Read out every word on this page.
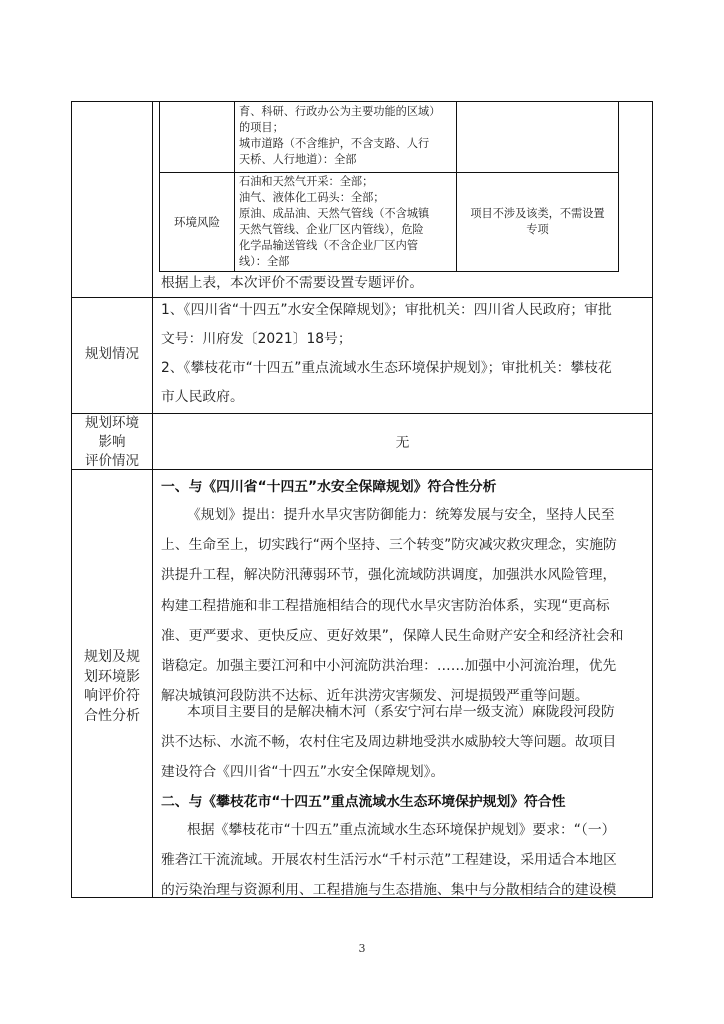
育、科研、行政办公为主要功能的区域）
的项目；
城市道路（不含维护，不含支路、人行
天桥、人行地道）：全部
环境风险
石油和天然气开采：全部；
油气、液体化工码头：全部；
原油、成品油、天然气管线（不含城镇
天然气管线、企业厂区内管线），危险
化学品输送管线（不含企业厂区内管
线）：全部
项目不涉及该类，不需设置
专项
根据上表，本次评价不需要设置专题评价。
规划情况
1、《四川省“十四五”水安全保障规划》；审批机关：四川省人民政府；审批
文号：川府发〔2021〕18号；
2、《攀枝花市“十四五”重点流域水生态环境保护规划》；审批机关：攀枝花
市人民政府。
规划环境
影响
评价情况
无
规划及规
划环境影
响评价符
合性分析
一、与《四川省“十四五”水安全保障规划》符合性分析
《规划》提出：提升水旱灾害防御能力：统筹发展与安全，坚持人民至
上、生命至上，切实践行“两个坚持、三个转变”防灾减灾救灾理念，实施防
洪提升工程，解决防汛薄弱环节，强化流域防洪调度，加强洪水风险管理，
构建工程措施和非工程措施相结合的现代水旱灾害防治体系，实现“更高标
准、更严要求、更快反应、更好效果”，保障人民生命财产安全和经济社会和
谐稳定。加强主要江河和中小河流防洪治理：……加强中小河流治理，优先
解决城镇河段防洪不达标、近年洪涝灾害频发、河堤损毁严重等问题。
本项目主要目的是解决楠木河（系安宁河右岸一级支流）麻陇段河段防
洪不达标、水流不畅，农村住宅及周边耕地受洪水威胁较大等问题。故项目
建设符合《四川省“十四五”水安全保障规划》。
二、与《攀枝花市“十四五”重点流域水生态环境保护规划》符合性
根据《攀枝花市“十四五”重点流域水生态环境保护规划》要求：“（一）
雅砻江干流流域。开展农村生活污水“千村示范”工程建设，采用适合本地区
的污染治理与资源利用、工程措施与生态措施、集中与分散相结合的建设模
3
